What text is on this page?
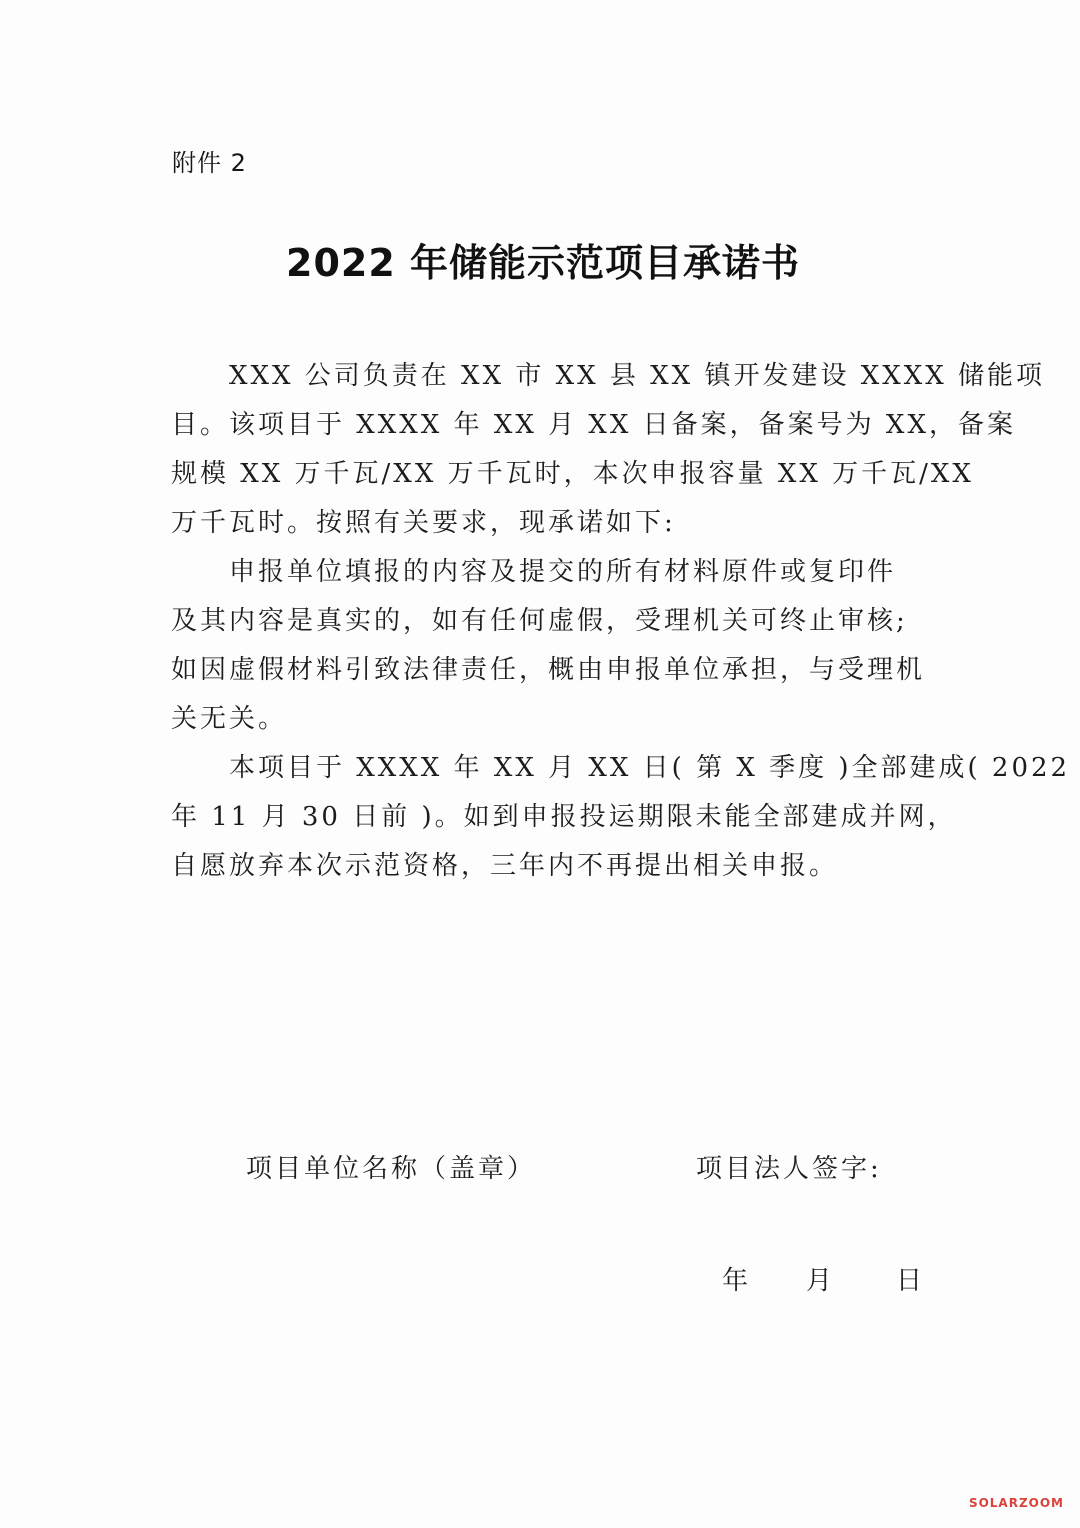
附件 2
2022 年储能示范项目承诺书
XXX 公司负责在 XX 市 XX 县 XX 镇开发建设 XXXX 储能项
目。该项目于 XXXX 年 XX 月 XX 日备案，备案号为 XX，备案
规模 XX 万千瓦/XX 万千瓦时，本次申报容量 XX 万千瓦/XX
万千瓦时。按照有关要求，现承诺如下:
申报单位填报的内容及提交的所有材料原件或复印件
及其内容是真实的，如有任何虚假，受理机关可终止审核;
如因虚假材料引致法律责任，概由申报单位承担，与受理机
关无关。
本项目于 XXXX 年 XX 月 XX 日( 第 X 季度 )全部建成( 2022
年 11 月 30 日前 )。如到申报投运期限未能全部建成并网，
自愿放弃本次示范资格，三年内不再提出相关申报。
项目单位名称（盖章）	项目法人签字:
年 月 日
SOLARZOOM
